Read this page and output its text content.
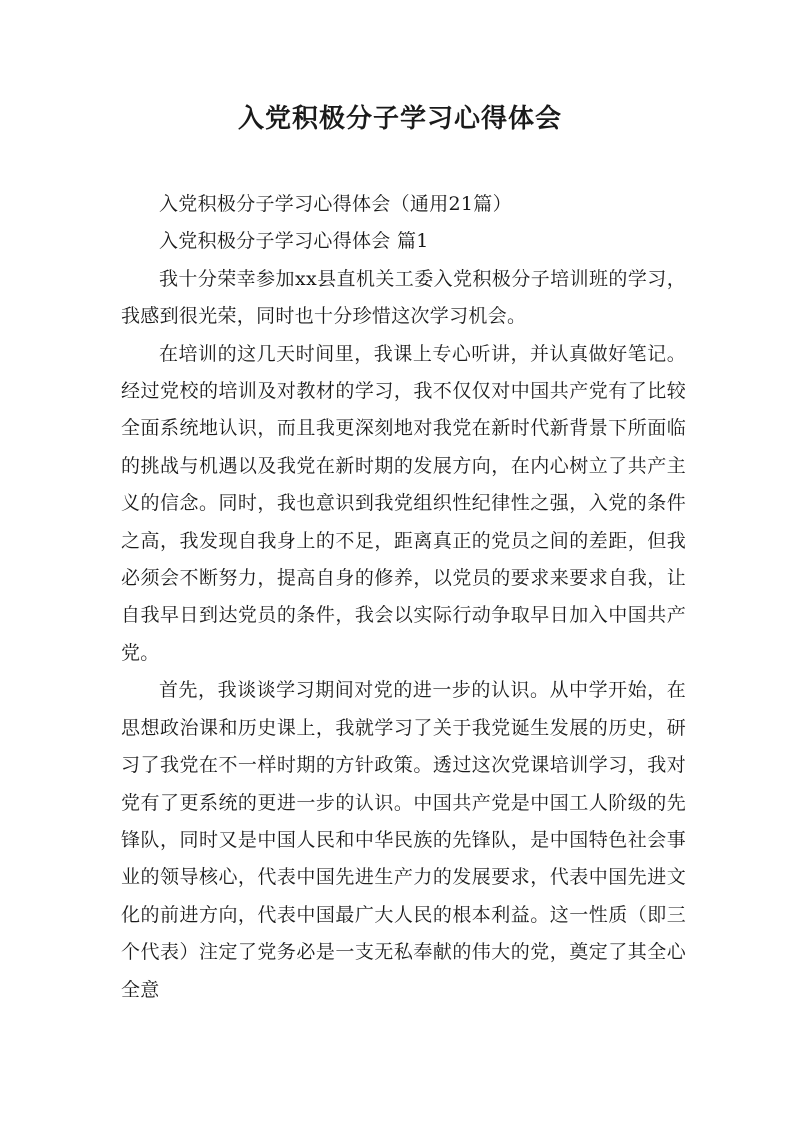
入党积极分子学习心得体会

入党积极分子学习心得体会（通用21篇）

入党积极分子学习心得体会 篇1

我十分荣幸参加xx县直机关工委入党积极分子培训班的学习，我感到很光荣，同时也十分珍惜这次学习机会。

在培训的这几天时间里，我课上专心听讲，并认真做好笔记。经过党校的培训及对教材的学习，我不仅仅对中国共产党有了比较全面系统地认识，而且我更深刻地对我党在新时代新背景下所面临的挑战与机遇以及我党在新时期的发展方向，在内心树立了共产主义的信念。同时，我也意识到我党组织性纪律性之强，入党的条件之高，我发现自我身上的不足，距离真正的党员之间的差距，但我必须会不断努力，提高自身的修养，以党员的要求来要求自我，让自我早日到达党员的条件，我会以实际行动争取早日加入中国共产党。

首先，我谈谈学习期间对党的进一步的认识。从中学开始，在思想政治课和历史课上，我就学习了关于我党诞生发展的历史，研习了我党在不一样时期的方针政策。透过这次党课培训学习，我对党有了更系统的更进一步的认识。中国共产党是中国工人阶级的先锋队，同时又是中国人民和中华民族的先锋队，是中国特色社会事业的领导核心，代表中国先进生产力的发展要求，代表中国先进文化的前进方向，代表中国最广大人民的根本利益。这一性质（即三个代表）注定了党务必是一支无私奉献的伟大的党，奠定了其全心全意
